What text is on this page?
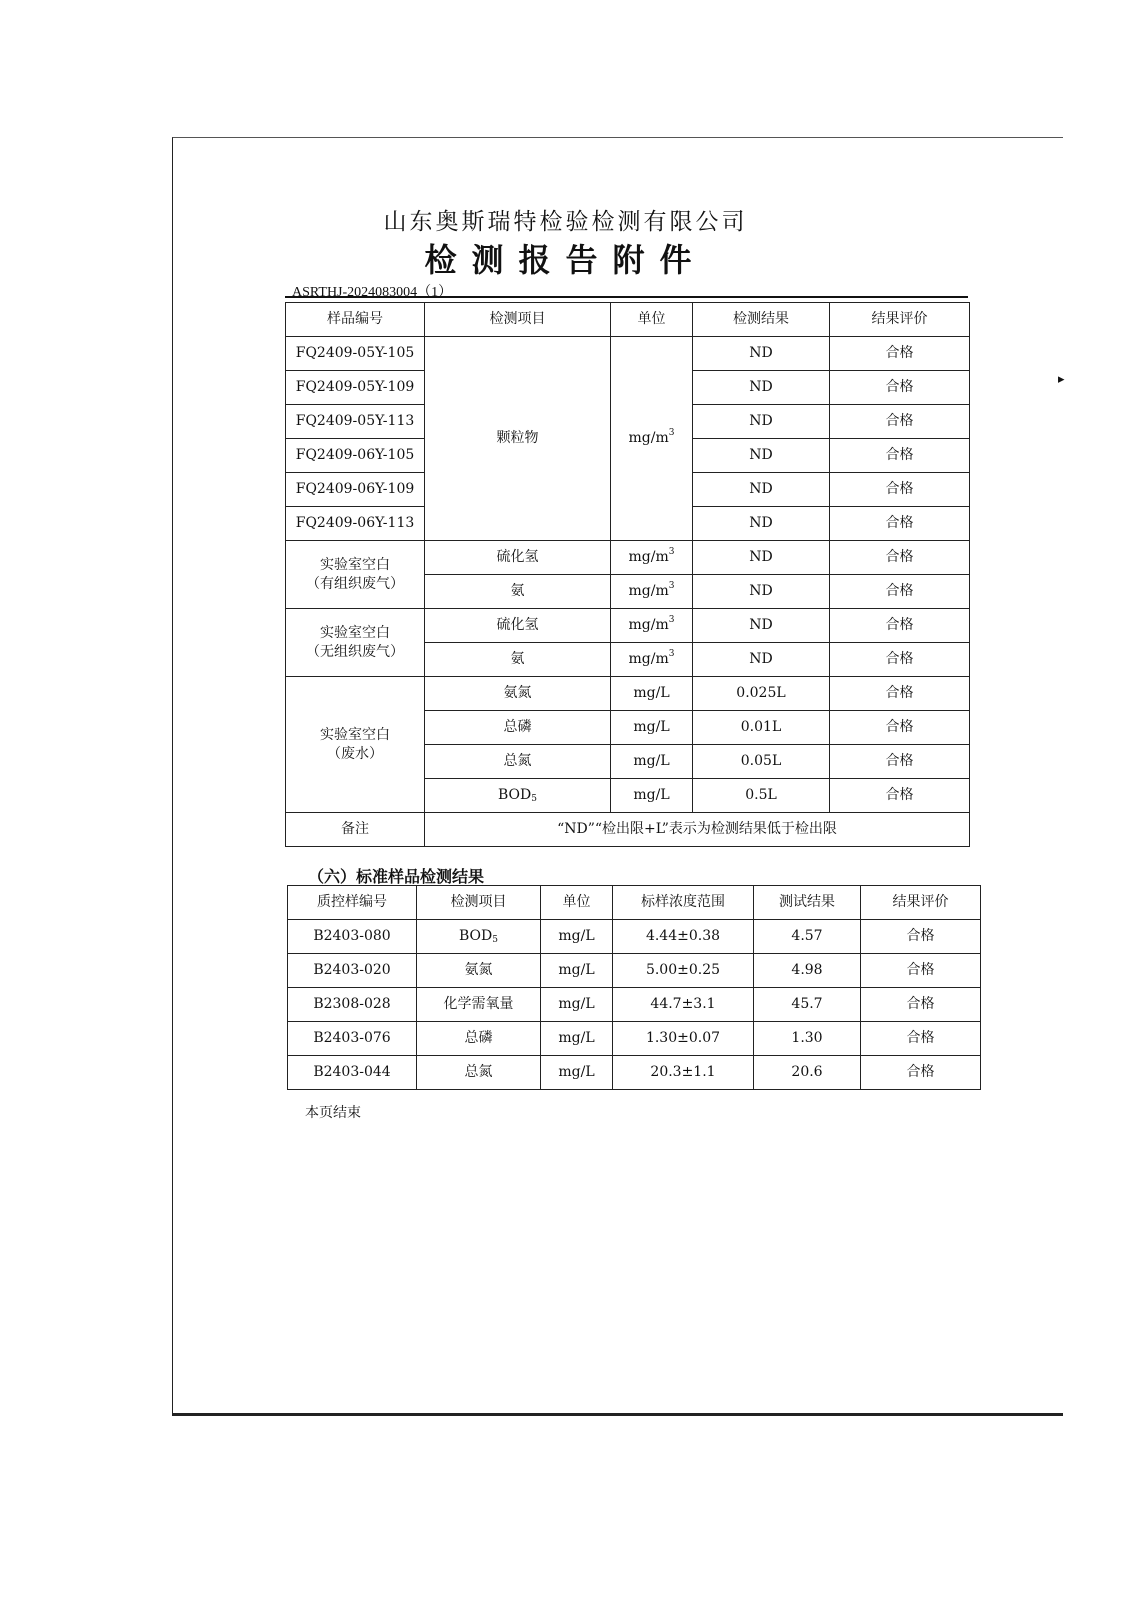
山东奥斯瑞特检验检测有限公司
检测报告附件
ASRTHJ-2024083004（1）
样品编号	检测项目	单位	检测结果	结果评价
FQ2409-05Y-105	颗粒物	$mg/m^3$	ND	合格
FQ2409-05Y-109			ND	合格
FQ2409-05Y-113			ND	合格
FQ2409-06Y-105			ND	合格
FQ2409-06Y-109			ND	合格
FQ2409-06Y-113			ND	合格
实验室空白
（有组织废气）	硫化氢	$mg/m^3$	ND	合格
	氨	$mg/m^3$	ND	合格
实验室空白
（无组织废气）	硫化氢	$mg/m^3$	ND	合格
	氨	$mg/m^3$	ND	合格
实验室空白
（废水）	氨氮	mg/L	0.025L	合格
	总磷	mg/L	0.01L	合格
	总氮	mg/L	0.05L	合格
	BOD5	mg/L	0.5L	合格
备注	“ND”“检出限+L”表示为检测结果低于检出限			
（六）标准样品检测结果
质控样编号	检测项目	单位	标样浓度范围	测试结果	结果评价
B2403-080	BOD5	mg/L	4.44±0.38	4.57	合格
B2403-020	氨氮	mg/L	5.00±0.25	4.98	合格
B2308-028	化学需氧量	mg/L	44.7±3.1	45.7	合格
B2403-076	总磷	mg/L	1.30±0.07	1.30	合格
B2403-044	总氮	mg/L	20.3±1.1	20.6	合格
本页结束
▸
